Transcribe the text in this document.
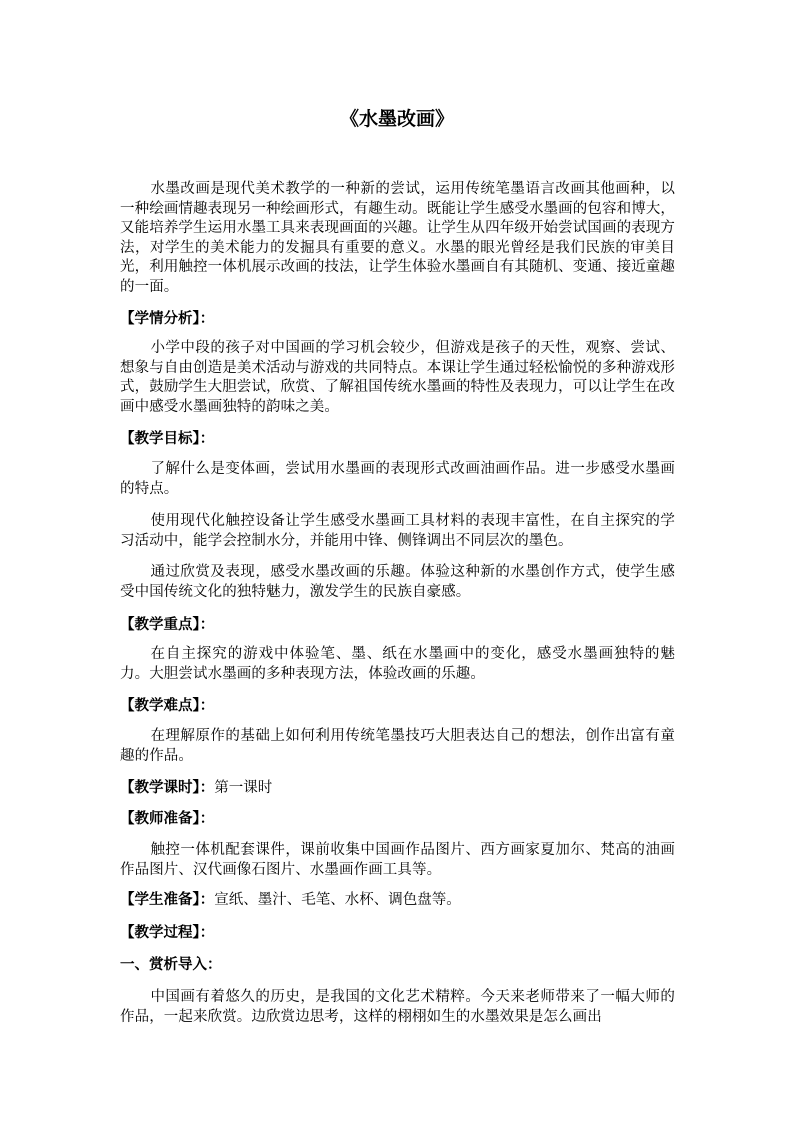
《水墨改画》

水墨改画是现代美术教学的一种新的尝试，运用传统笔墨语言改画其他画种，以一种绘画情趣表现另一种绘画形式，有趣生动。既能让学生感受水墨画的包容和博大，又能培养学生运用水墨工具来表现画面的兴趣。让学生从四年级开始尝试国画的表现方法，对学生的美术能力的发掘具有重要的意义。水墨的眼光曾经是我们民族的审美目光，利用触控一体机展示改画的技法，让学生体验水墨画自有其随机、变通、接近童趣的一面。

【学情分析】：

小学中段的孩子对中国画的学习机会较少，但游戏是孩子的天性，观察、尝试、想象与自由创造是美术活动与游戏的共同特点。本课让学生通过轻松愉悦的多种游戏形式，鼓励学生大胆尝试，欣赏、了解祖国传统水墨画的特性及表现力，可以让学生在改画中感受水墨画独特的韵味之美。

【教学目标】：

了解什么是变体画，尝试用水墨画的表现形式改画油画作品。进一步感受水墨画的特点。

使用现代化触控设备让学生感受水墨画工具材料的表现丰富性，在自主探究的学习活动中，能学会控制水分，并能用中锋、侧锋调出不同层次的墨色。

通过欣赏及表现，感受水墨改画的乐趣。体验这种新的水墨创作方式，使学生感受中国传统文化的独特魅力，激发学生的民族自豪感。

【教学重点】：

在自主探究的游戏中体验笔、墨、纸在水墨画中的变化，感受水墨画独特的魅力。大胆尝试水墨画的多种表现方法，体验改画的乐趣。

【教学难点】：

在理解原作的基础上如何利用传统笔墨技巧大胆表达自己的想法，创作出富有童趣的作品。

【教学课时】：第一课时

【教师准备】：

触控一体机配套课件，课前收集中国画作品图片、西方画家夏加尔、梵高的油画作品图片、汉代画像石图片、水墨画作画工具等。

【学生准备】：宣纸、墨汁、毛笔、水杯、调色盘等。

【教学过程】：

一、赏析导入：

中国画有着悠久的历史，是我国的文化艺术精粹。今天来老师带来了一幅大师的作品，一起来欣赏。边欣赏边思考，这样的栩栩如生的水墨效果是怎么画出
